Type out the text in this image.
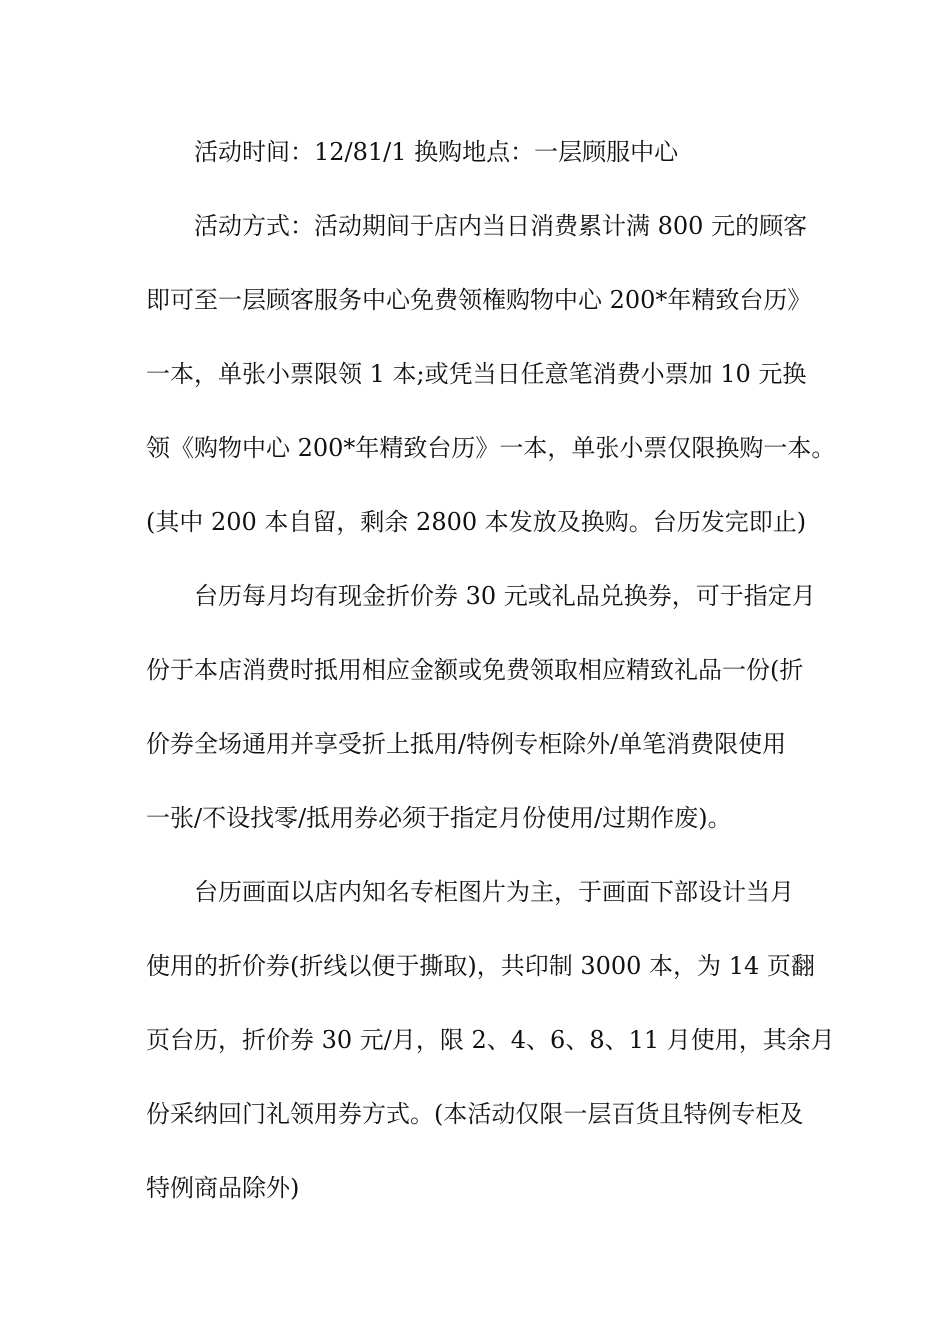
活动时间：12/81/1 换购地点：一层顾服中心
活动方式：活动期间于店内当日消费累计满 800 元的顾客
即可至一层顾客服务中心免费领権购物中心 200*年精致台历》
一本，单张小票限领 1 本;或凭当日任意笔消费小票加 10 元换
领《购物中心 200*年精致台历》一本，单张小票仅限换购一本。
(其中 200 本自留，剩余 2800 本发放及换购。台历发完即止)
台历每月均有现金折价券 30 元或礼品兑换券，可于指定月
份于本店消费时抵用相应金额或免费领取相应精致礼品一份(折
价券全场通用并享受折上抵用/特例专柜除外/单笔消费限使用
一张/不设找零/抵用券必须于指定月份使用/过期作废)。
台历画面以店内知名专柜图片为主，于画面下部设计当月
使用的折价券(折线以便于撕取)，共印制 3000 本，为 14 页翻
页台历，折价券 30 元/月，限 2、4、6、8、11 月使用，其余月
份采纳回门礼领用券方式。(本活动仅限一层百货且特例专柜及
特例商品除外)
